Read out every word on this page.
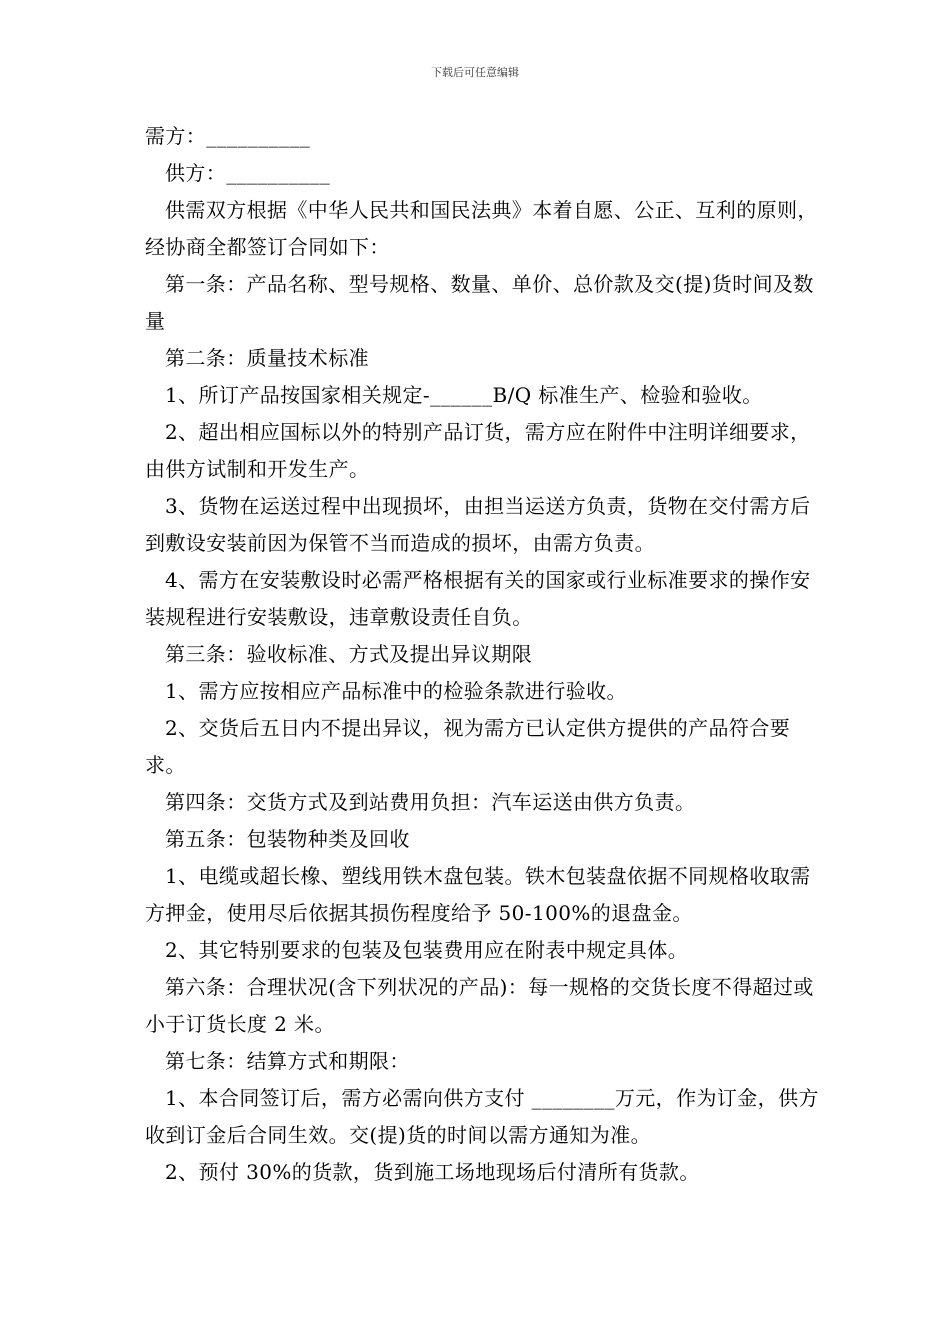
下载后可任意编辑

需方：__________

供方：__________

供需双方根据《中华人民共和国民法典》本着自愿、公正、互利的原则，经协商全都签订合同如下：

第一条：产品名称、型号规格、数量、单价、总价款及交(提)货时间及数量

第二条：质量技术标准

1、所订产品按国家相关规定-______B/Q 标准生产、检验和验收。

2、超出相应国标以外的特别产品订货，需方应在附件中注明详细要求，由供方试制和开发生产。

3、货物在运送过程中出现损坏，由担当运送方负责，货物在交付需方后到敷设安装前因为保管不当而造成的损坏，由需方负责。

4、需方在安装敷设时必需严格根据有关的国家或行业标准要求的操作安装规程进行安装敷设，违章敷设责任自负。

第三条：验收标准、方式及提出异议期限

1、需方应按相应产品标准中的检验条款进行验收。

2、交货后五日内不提出异议，视为需方已认定供方提供的产品符合要求。

第四条：交货方式及到站费用负担：汽车运送由供方负责。

第五条：包装物种类及回收

1、电缆或超长橡、塑线用铁木盘包装。铁木包装盘依据不同规格收取需方押金，使用尽后依据其损伤程度给予 50-100%的退盘金。

2、其它特别要求的包装及包装费用应在附表中规定具体。

第六条：合理状况(含下列状况的产品)：每一规格的交货长度不得超过或小于订货长度 2 米。

第七条：结算方式和期限：

1、本合同签订后，需方必需向供方支付 ________万元，作为订金，供方收到订金后合同生效。交(提)货的时间以需方通知为准。

2、预付 30%的货款，货到施工场地现场后付清所有货款。
